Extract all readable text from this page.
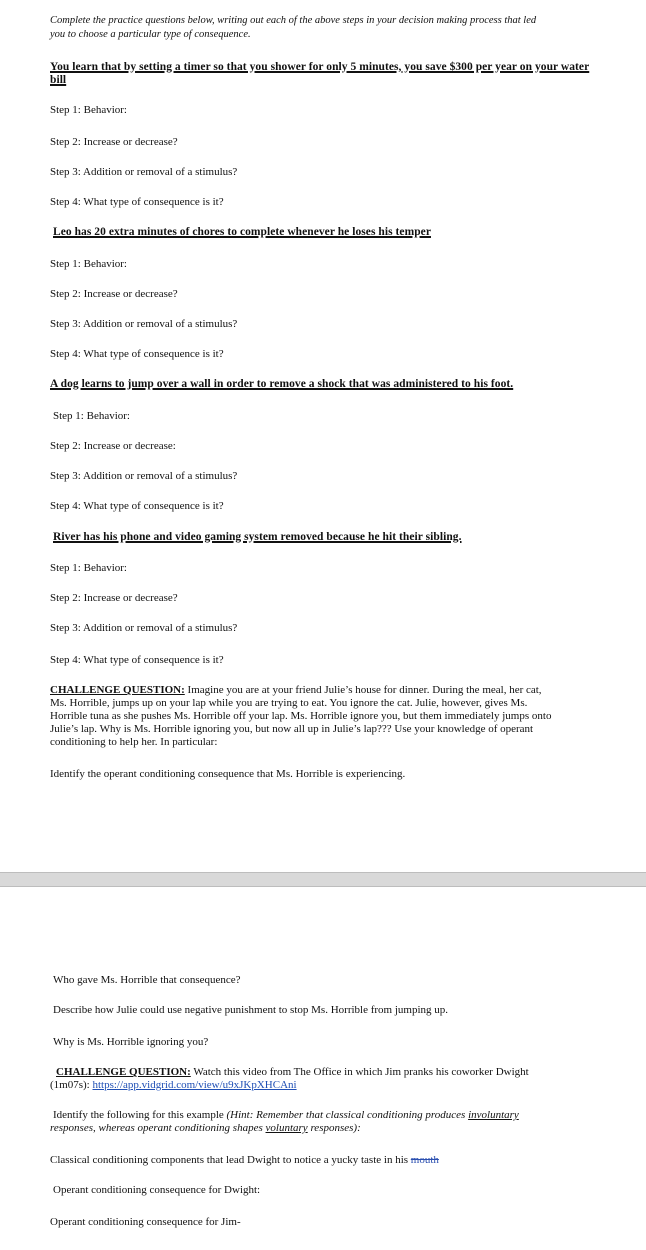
Complete the practice questions below, writing out each of the above steps in your decision making process that led
you to choose a particular type of consequence.
You learn that by setting a timer so that you shower for only 5 minutes, you save $300 per year on your water
bill
Step 1: Behavior:
Step 2: Increase or decrease?
Step 3: Addition or removal of a stimulus?
Step 4: What type of consequence is it?
Leo has 20 extra minutes of chores to complete whenever he loses his temper
Step 1: Behavior:
Step 2: Increase or decrease?
Step 3: Addition or removal of a stimulus?
Step 4: What type of consequence is it?
A dog learns to jump over a wall in order to remove a shock that was administered to his foot.
Step 1: Behavior:
Step 2: Increase or decrease:
Step 3: Addition or removal of a stimulus?
Step 4: What type of consequence is it?
River has his phone and video gaming system removed because he hit their sibling.
Step 1: Behavior:
Step 2: Increase or decrease?
Step 3: Addition or removal of a stimulus?
Step 4: What type of consequence is it?
CHALLENGE QUESTION: Imagine you are at your friend Julie’s house for dinner. During the meal, her cat,
Ms. Horrible, jumps up on your lap while you are trying to eat. You ignore the cat. Julie, however, gives Ms.
Horrible tuna as she pushes Ms. Horrible off your lap. Ms. Horrible ignore you, but them immediately jumps onto
Julie’s lap. Why is Ms. Horrible ignoring you, but now all up in Julie’s lap??? Use your knowledge of operant
conditioning to help her. In particular:
Identify the operant conditioning consequence that Ms. Horrible is experiencing.
Who gave Ms. Horrible that consequence?
Describe how Julie could use negative punishment to stop Ms. Horrible from jumping up.
Why is Ms. Horrible ignoring you?
CHALLENGE QUESTION: Watch this video from The Office in which Jim pranks his coworker Dwight
(1m07s): https://app.vidgrid.com/view/u9xJKpXHCAni
Identify the following for this example (Hint: Remember that classical conditioning produces involuntary
responses, whereas operant conditioning shapes voluntary responses):
Classical conditioning components that lead Dwight to notice a yucky taste in his mouth
Operant conditioning consequence for Dwight:
Operant conditioning consequence for Jim-
